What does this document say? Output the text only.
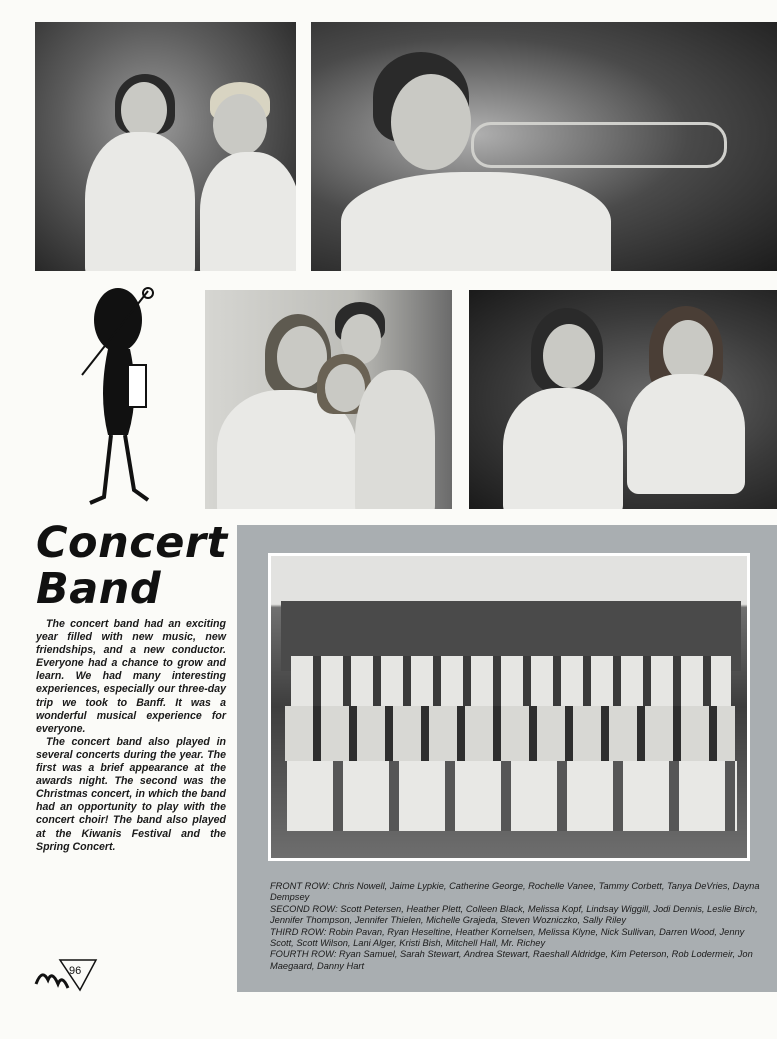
Concert
Band

The concert band had an exciting year filled with new music, new friendships, and a new conductor. Everyone had a chance to grow and learn. We had many interesting experiences, especially our three-day trip we took to Banff. It was a wonderful musical experience for everyone.

The concert band also played in several concerts during the year. The first was a brief appearance at the awards night. The second was the Christmas concert, in which the band had an opportunity to play with the concert choir! The band also played at the Kiwanis Festival and the Spring Concert.

FRONT ROW: Chris Nowell, Jaime Lypkie, Catherine George, Rochelle Vanee, Tammy Corbett, Tanya DeVries, Dayna Dempsey
SECOND ROW: Scott Petersen, Heather Plett, Colleen Black, Melissa Kopf, Lindsay Wiggill, Jodi Dennis, Leslie Birch, Jennifer Thompson, Jennifer Thielen, Michelle Grajeda, Steven Wozniczko, Sally Riley
THIRD ROW: Robin Pavan, Ryan Heseltine, Heather Kornelsen, Melissa Klyne, Nick Sullivan, Darren Wood, Jenny Scott, Scott Wilson, Lani Alger, Kristi Bish, Mitchell Hall, Mr. Richey
FOURTH ROW: Ryan Samuel, Sarah Stewart, Andrea Stewart, Raeshall Aldridge, Kim Peterson, Rob Lodermeir, Jon Maegaard, Danny Hart
96
